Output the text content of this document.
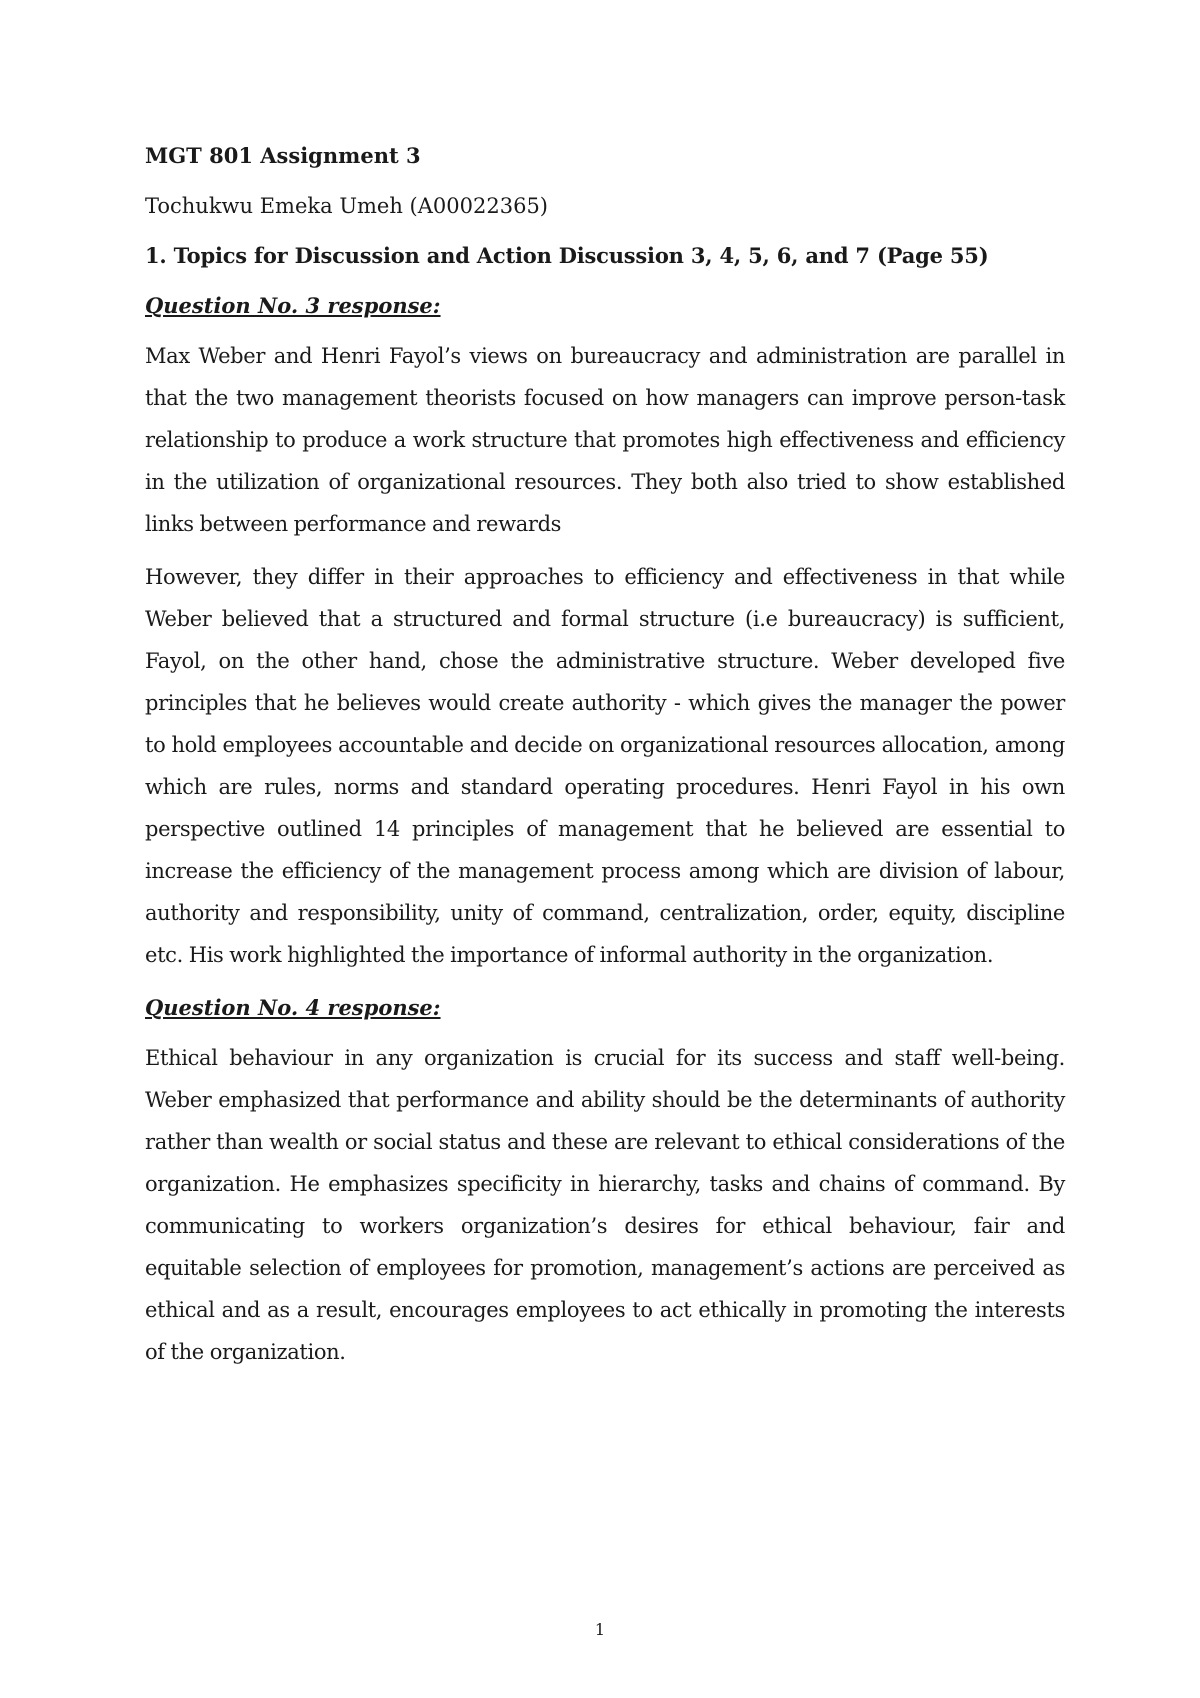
MGT 801 Assignment 3

Tochukwu Emeka Umeh (A00022365)

1. Topics for Discussion and Action Discussion 3, 4, 5, 6, and 7 (Page 55)

Question No. 3 response:

Max Weber and Henri Fayol’s views on bureaucracy and administration are parallel in that the two management theorists focused on how managers can improve person-task relationship to produce a work structure that promotes high effectiveness and efficiency in the utilization of organizational resources. They both also tried to show established links between performance and rewards

However, they differ in their approaches to efficiency and effectiveness in that while Weber believed that a structured and formal structure (i.e bureaucracy) is sufficient, Fayol, on the other hand, chose the administrative structure. Weber developed five principles that he believes would create authority - which gives the manager the power to hold employees accountable and decide on organizational resources allocation, among which are rules, norms and standard operating procedures. Henri Fayol in his own perspective outlined 14 principles of management that he believed are essential to increase the efficiency of the management process among which are division of labour, authority and responsibility, unity of command, centralization, order, equity, discipline etc. His work highlighted the importance of informal authority in the organization.

Question No. 4 response:

Ethical behaviour in any organization is crucial for its success and staff well-being. Weber emphasized that performance and ability should be the determinants of authority rather than wealth or social status and these are relevant to ethical considerations of the organization. He emphasizes specificity in hierarchy, tasks and chains of command. By communicating to workers organization’s desires for ethical behaviour, fair and equitable selection of employees for promotion, management’s actions are perceived as ethical and as a result, encourages employees to act ethically in promoting the interests of the organization.

1
